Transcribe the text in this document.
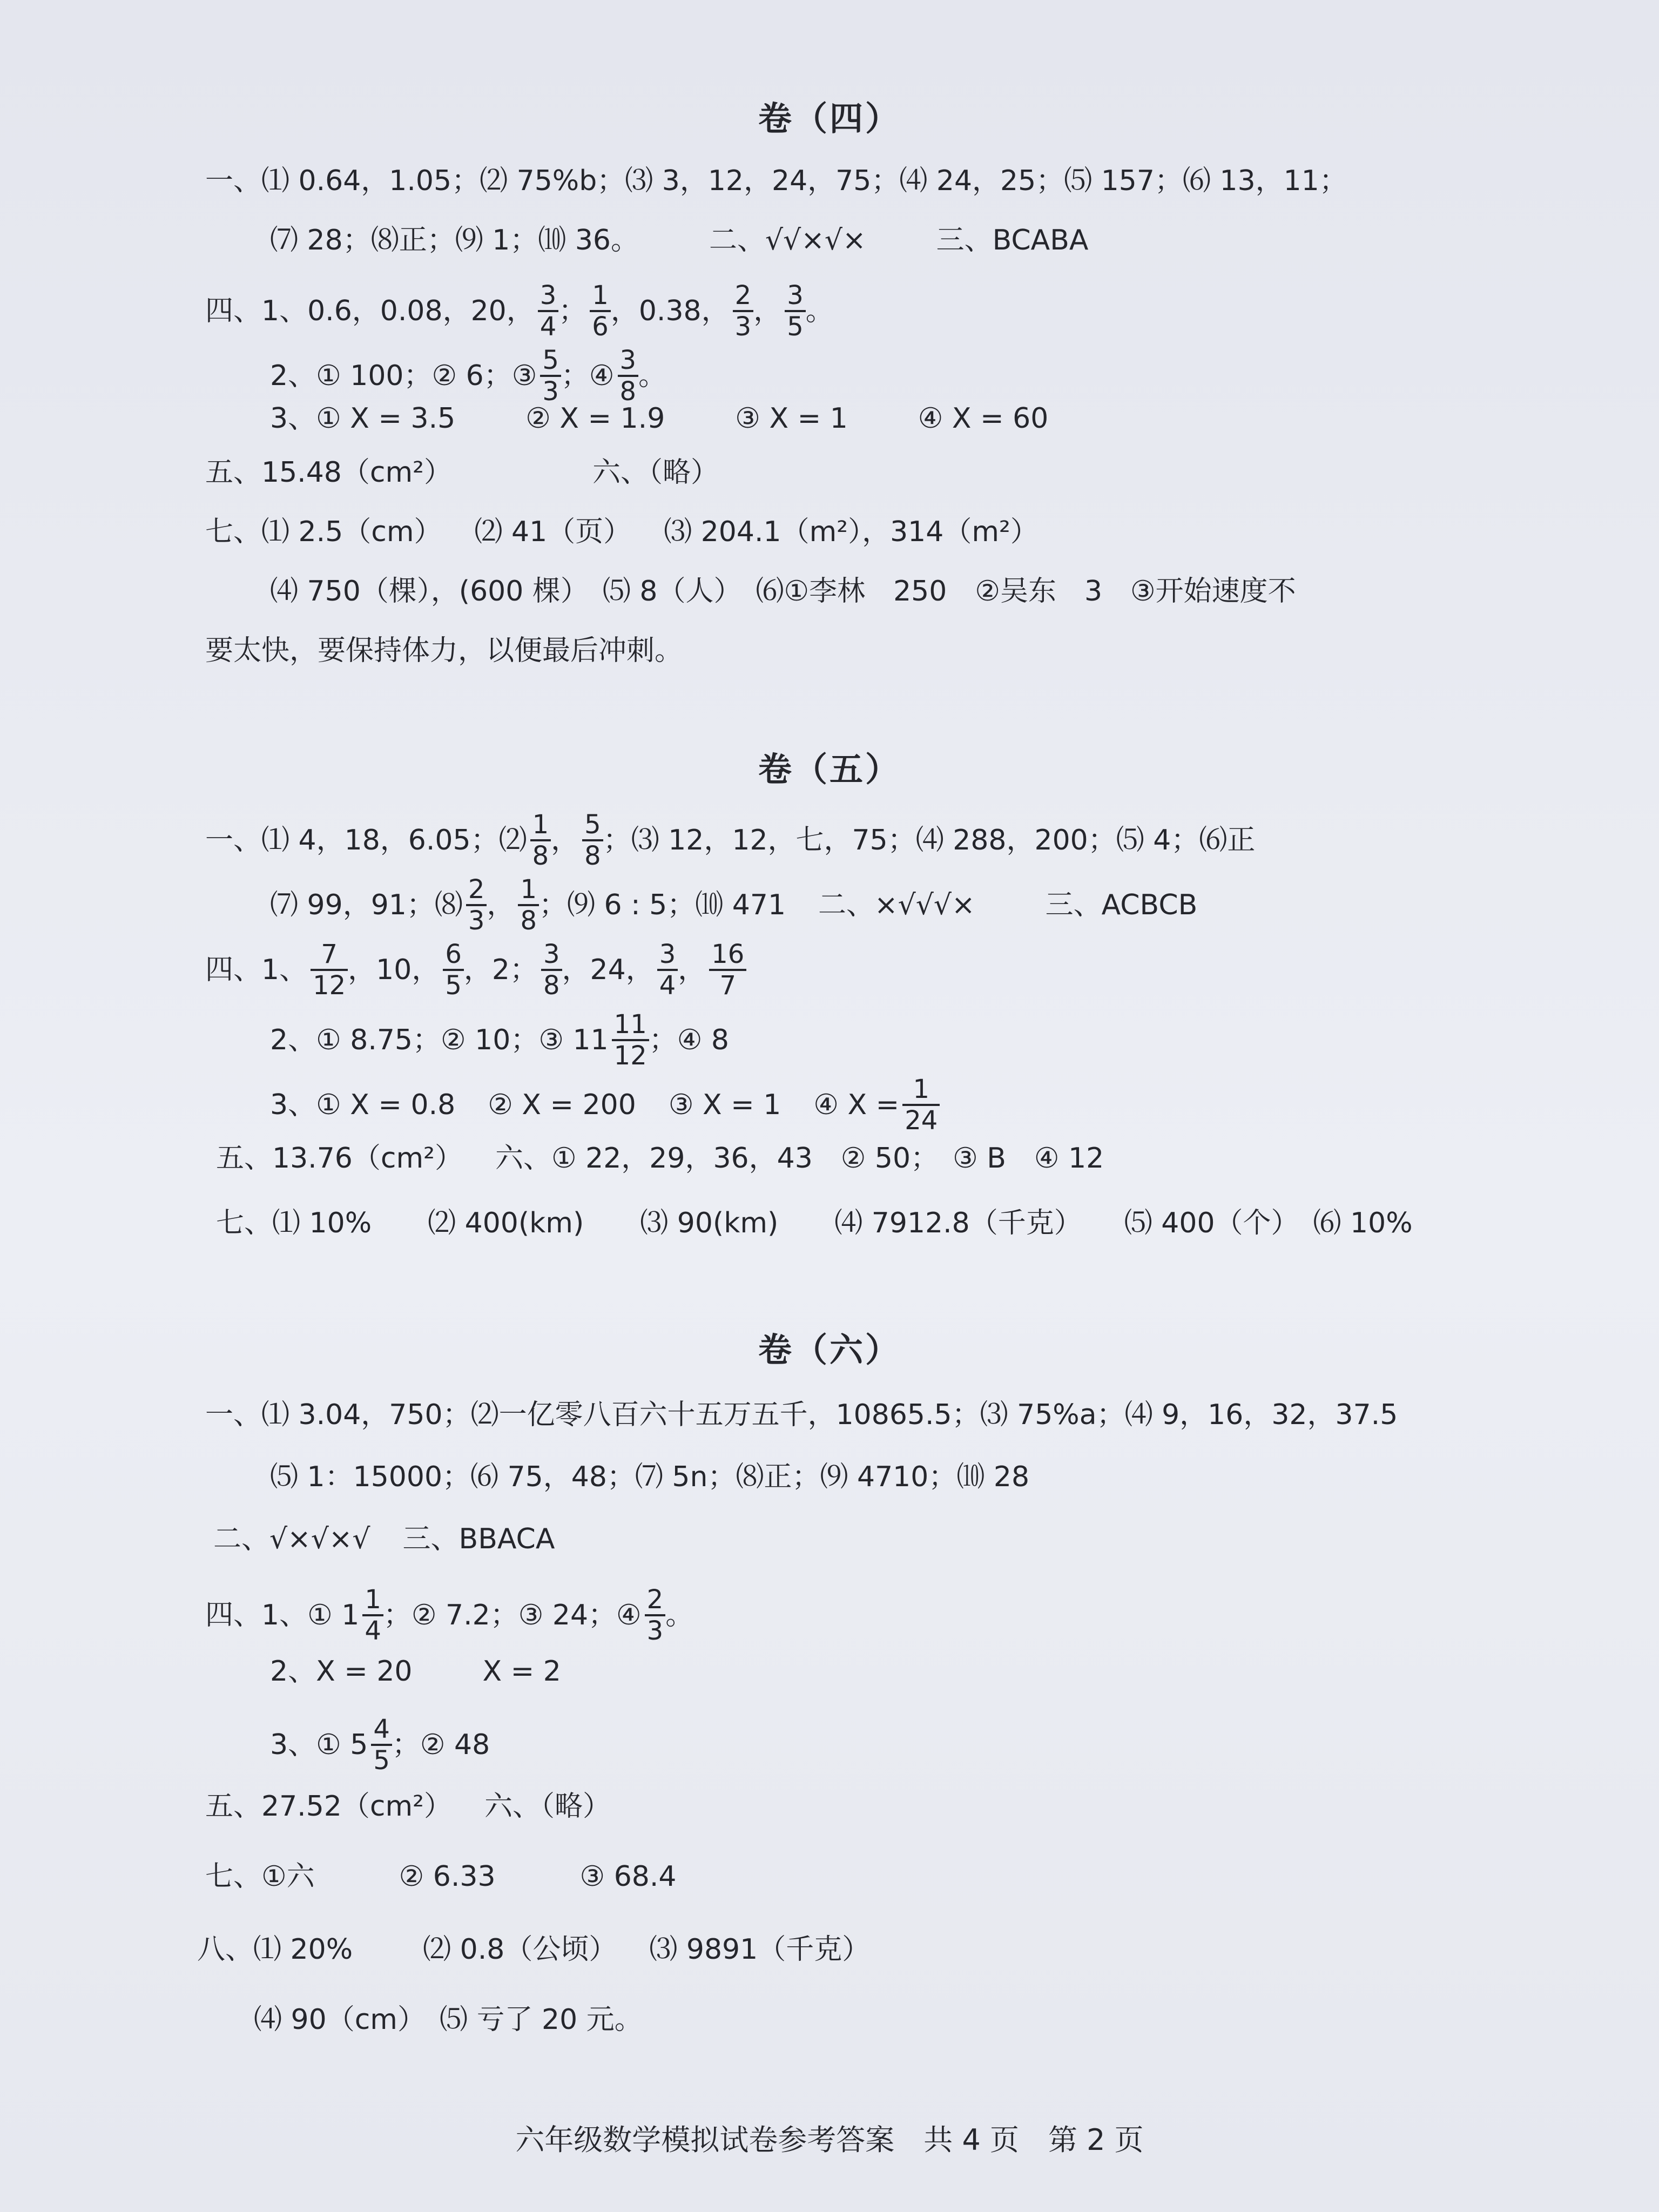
卷（四）
一、⑴ 0.64，1.05；⑵ 75%b；⑶ 3，12，24，75；⑷ 24，25；⑸ 157；⑹ 13，11；
⑺ 28；⑻正；⑼ 1；⑽ 36。	二、√√×√×	三、BCABA
四、1、0.6，0.08，20， $\frac{3}{4}$ ； $\frac{1}{6}$ ，0.38， $\frac{2}{3}$ ， $\frac{3}{5}$ 。
2、① 100；② 6；③ $\frac{5}{3}$ ；④ $\frac{3}{8}$ 。
3、① X = 3.5	② X = 1.9	③ X = 1	④ X = 60
五、15.48（cm²）	六、（略）
七、⑴ 2.5（cm） ⑵ 41（页） ⑶ 204.1（m²），314（m²）
⑷ 750（棵），(600 棵）　⑸ 8（人）　⑹①李林　250　②吴东　3　③开始速度不
要太快，要保持体力，以便最后冲刺。
卷（五）
一、⑴ 4，18，6.05；⑵ $\frac{1}{8}$ ， $\frac{5}{8}$ ；⑶ 12，12，七，75；⑷ 288，200；⑸ 4；⑹正
⑺ 99，91；⑻ $\frac{2}{3}$ ， $\frac{1}{8}$ ；⑼ 6 : 5；⑽ 471 二、×√√√×	三、ACBCB
四、1、 $\frac{7}{12}$ ，10， $\frac{6}{5}$ ，2； $\frac{3}{8}$ ，24， $\frac{3}{4}$ ， $\frac{16}{7}$
2、① 8.75；② 10；③ $11 \frac{11}{12}$ ；④ 8
3、① X = 0.8 ② X = 200 ③ X = 1 ④ $X = \frac{1}{24}$
五、13.76（cm²） 六、① 22，29，36，43　② 50；　③ B　④ 12
七、⑴ 10%　　⑵ 400(km)　　⑶ 90(km)　　⑷ 7912.8（千克）　　⑸ 400（个）　⑹ 10%
卷（六）
一、⑴ 3.04，750；⑵一亿零八百六十五万五千，10865.5；⑶ 75%a；⑷ 9，16，32，37.5
⑸ 1：15000；⑹ 75，48；⑺ 5n；⑻正；⑼ 4710；⑽ 28
二、√×√×√ 三、BBACA
四、1、① $1 \frac{1}{4}$ ；② 7.2；③ 24；④ $\frac{2}{3}$ 。
2、X = 20	X = 2
3、① $5 \frac{4}{5}$ ；② 48
五、27.52（cm²） 六、（略）
七、①六　　　② 6.33　　　③ 68.4
八、⑴ 20%	⑵ 0.8（公顷） ⑶ 9891（千克）
⑷ 90（cm）　⑸ 亏了 20 元。
六年级数学模拟试卷参考答案　共 4 页　第 2 页
